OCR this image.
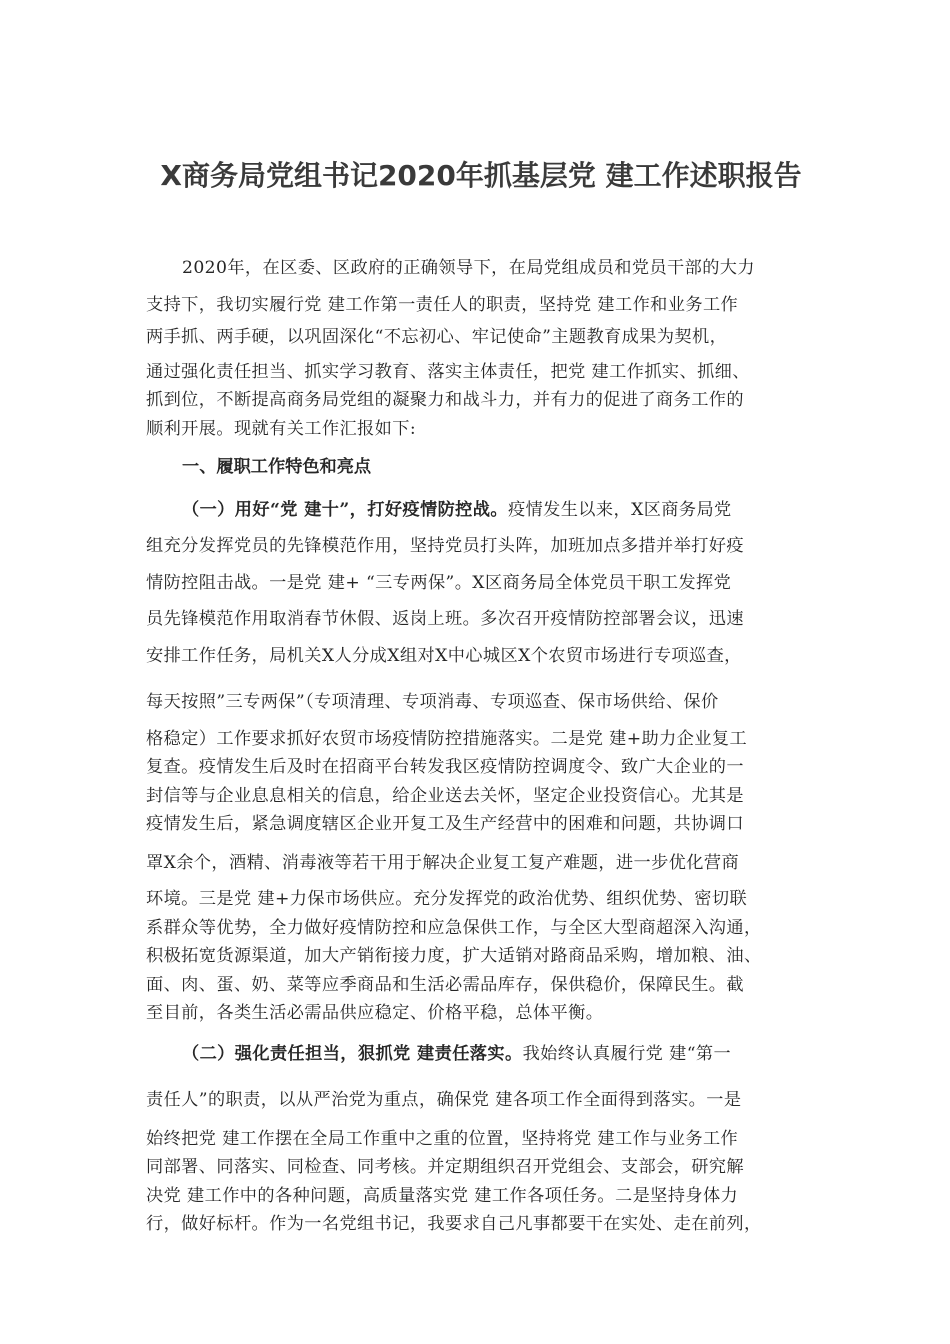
X商务局党组书记2020年抓基层党 建工作述职报告

2020年，在区委、区政府的正确领导下，在局党组成员和党员干部的大力
支持下，我切实履行党 建工作第一责任人的职责，坚持党 建工作和业务工作
两手抓、两手硬，以巩固深化“不忘初心、牢记使命”主题教育成果为契机，
通过强化责任担当、抓实学习教育、落实主体责任，把党 建工作抓实、抓细、
抓到位，不断提高商务局党组的凝聚力和战斗力，并有力的促进了商务工作的
顺利开展。现就有关工作汇报如下:

一、履职工作特色和亮点

（一）用好“党 建十”，打好疫情防控战。疫情发生以来，X区商务局党
组充分发挥党员的先锋模范作用，坚持党员打头阵，加班加点多措并举打好疫
情防控阻击战。一是党 建+ “三专两保”。X区商务局全体党员干职工发挥党
员先锋模范作用取消春节休假、返岗上班。多次召开疫情防控部署会议，迅速
安排工作任务，局机关X人分成X组对X中心城区X个农贸市场进行专项巡查，
每天按照”三专两保”（专项清理、专项消毒、专项巡查、保市场供给、保价
格稳定）工作要求抓好农贸市场疫情防控措施落实。二是党 建+助力企业复工
复查。疫情发生后及时在招商平台转发我区疫情防控调度令、致广大企业的一
封信等与企业息息相关的信息，给企业送去关怀，坚定企业投资信心。尤其是
疫情发生后，紧急调度辖区企业开复工及生产经营中的困难和问题，共协调口
罩X余个，酒精、消毒液等若干用于解决企业复工复产难题，进一步优化营商
环境。三是党 建+力保市场供应。充分发挥党的政治优势、组织优势、密切联
系群众等优势，全力做好疫情防控和应急保供工作，与全区大型商超深入沟通，
积极拓宽货源渠道，加大产销衔接力度，扩大适销对路商品采购，增加粮、油、
面、肉、蛋、奶、菜等应季商品和生活必需品库存，保供稳价，保障民生。截
至目前，各类生活必需品供应稳定、价格平稳，总体平衡。

（二）强化责任担当，狠抓党 建责任落实。我始终认真履行党 建“第一
责任人”的职责，以从严治党为重点，确保党 建各项工作全面得到落实。一是
始终把党 建工作摆在全局工作重中之重的位置，坚持将党 建工作与业务工作
同部署、同落实、同检查、同考核。并定期组织召开党组会、支部会，研究解
决党 建工作中的各种问题，高质量落实党 建工作各项任务。二是坚持身体力
行，做好标杆。作为一名党组书记，我要求自己凡事都要干在实处、走在前列，
